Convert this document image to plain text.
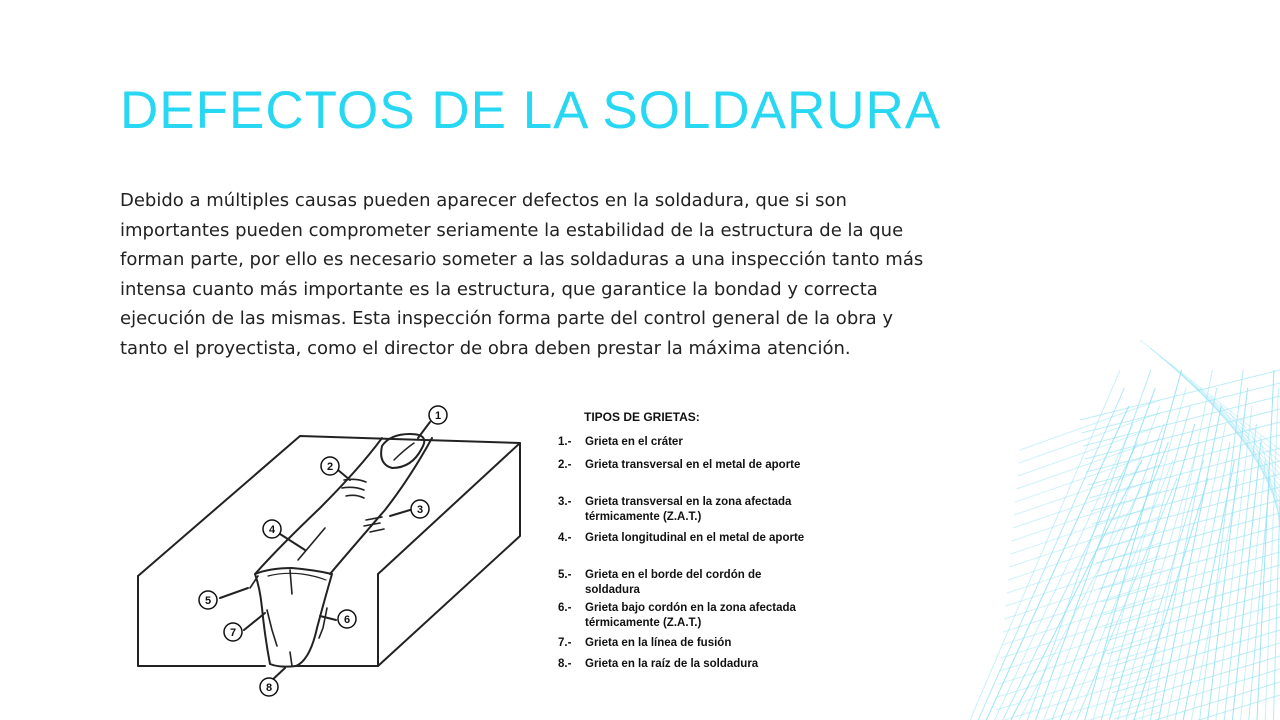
DEFECTOS DE LA SOLDARURA

Debido a múltiples causas pueden aparecer defectos en la soldadura, que si son importantes pueden comprometer seriamente la estabilidad de la estructura de la que forman parte, por ello es necesario someter a las soldaduras a una inspección tanto más intensa cuanto más importante es la estructura, que garantice la bondad y correcta ejecución de las mismas. Esta inspección forma parte del control general de la obra y tanto el proyectista, como el director de obra deben prestar la máxima atención.

1
2
3
4
5
6
7
8
TIPOS DE GRIETAS:
1.- Grieta en el cráter
2.- Grieta transversal en el metal de aporte
3.- Grieta transversal en la zona afectada térmicamente (Z.A.T.)
4.- Grieta longitudinal en el metal de aporte
5.- Grieta en el borde del cordón de soldadura
6.- Grieta bajo cordón en la zona afectada térmicamente (Z.A.T.)
7.- Grieta en la línea de fusión
8.- Grieta en la raíz de la soldadura
